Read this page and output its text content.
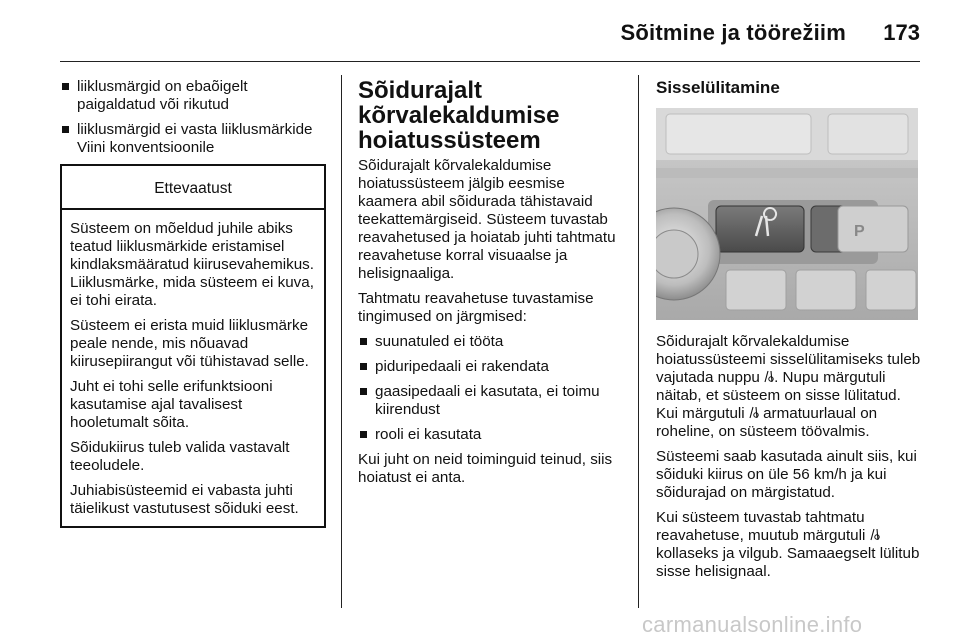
Sõitmine ja töörežiim 173
liiklusmärgid on ebaõigelt paigaldatud või rikutud
liiklusmärgid ei vasta liiklusmärkide Viini konventsioonile
Ettevaatust

Süsteem on mõeldud juhile abiks teatud liiklusmärkide eristamisel kindlaksmääratud kiirusevahemikus. Liiklusmärke, mida süsteem ei kuva, ei tohi eirata.

Süsteem ei erista muid liiklusmärke peale nende, mis nõuavad kiirusepiirangut või tühistavad selle.

Juht ei tohi selle erifunktsiooni kasutamise ajal tavalisest hooletumalt sõita.

Sõidukiirus tuleb valida vastavalt teeoludele.

Juhiabisüsteemid ei vabasta juhti täielikust vastutusest sõiduki eest.

Sõidurajalt kõrvalekaldumise hoiatussüsteem

Sõidurajalt kõrvalekaldumise hoiatussüsteem jälgib eesmise kaamera abil sõidurada tähistavaid teekattemärgiseid. Süsteem tuvastab reavahetused ja hoiatab juhti tahtmatu reavahetuse korral visuaalse ja helisignaaliga.

Tahtmatu reavahetuse tuvastamise tingimused on järgmised:

suunatuled ei tööta
piduripedaali ei rakendata
gaasipedaali ei kasutata, ei toimu kiirendust
rooli ei kasutata

Kui juht on neid toiminguid teinud, siis hoiatust ei anta.

Sisselülitamine
P

Sõidurajalt kõrvalekaldumise hoiatussüsteemi sisselülitamiseks tuleb vajutada nuppu . Nupu märgutuli näitab, et süsteem on sisse lülitatud. Kui märgutuli armatuurlaual on roheline, on süsteem töövalmis.

Süsteemi saab kasutada ainult siis, kui sõiduki kiirus on üle 56 km/h ja kui sõidurajad on märgistatud.

Kui süsteem tuvastab tahtmatu reavahetuse, muutub märgutuli  kollaseks ja vilgub. Samaaegselt lülitub sisse helisignaal.

carmanualsonline.info
